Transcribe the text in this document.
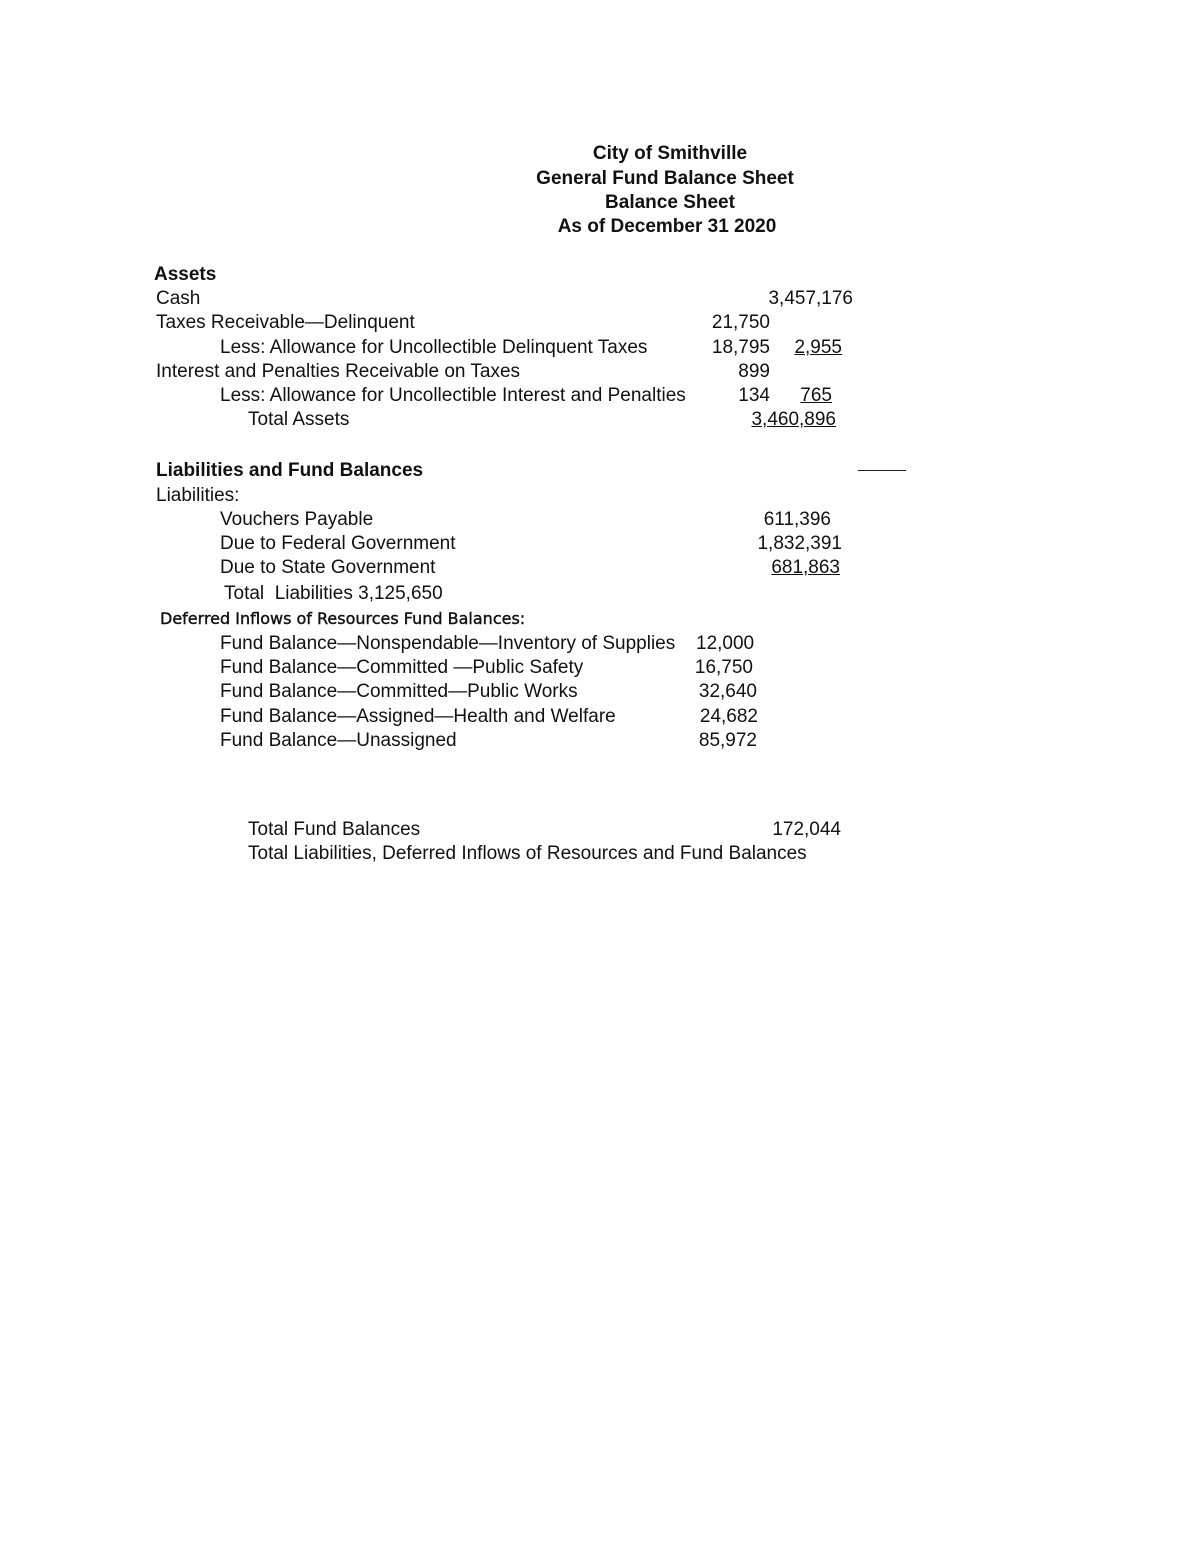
City of Smithville
General Fund Balance Sheet
Balance Sheet
As of December 31 2020
Assets
Cash	3,457,176
Taxes Receivable—Delinquent	21,750
Less: Allowance for Uncollectible Delinquent Taxes	18,795 2,955
Interest and Penalties Receivable on Taxes	899
Less: Allowance for Uncollectible Interest and Penalties	134 765
Total Assets	3,460,896
Liabilities and Fund Balances
Liabilities:
Vouchers Payable	611,396
Due to Federal Government	1,832,391
Due to State Government	681,863
Total  Liabilities 3,125,650
Deferred Inflows of Resources Fund Balances:
Fund Balance—Nonspendable—Inventory of Supplies 12,000
Fund Balance—Committed —Public Safety	16,750
Fund Balance—Committed—Public Works	32,640
Fund Balance—Assigned—Health and Welfare	24,682
Fund Balance—Unassigned	85,972
Total Fund Balances	172,044
Total Liabilities, Deferred Inflows of Resources and Fund Balances
